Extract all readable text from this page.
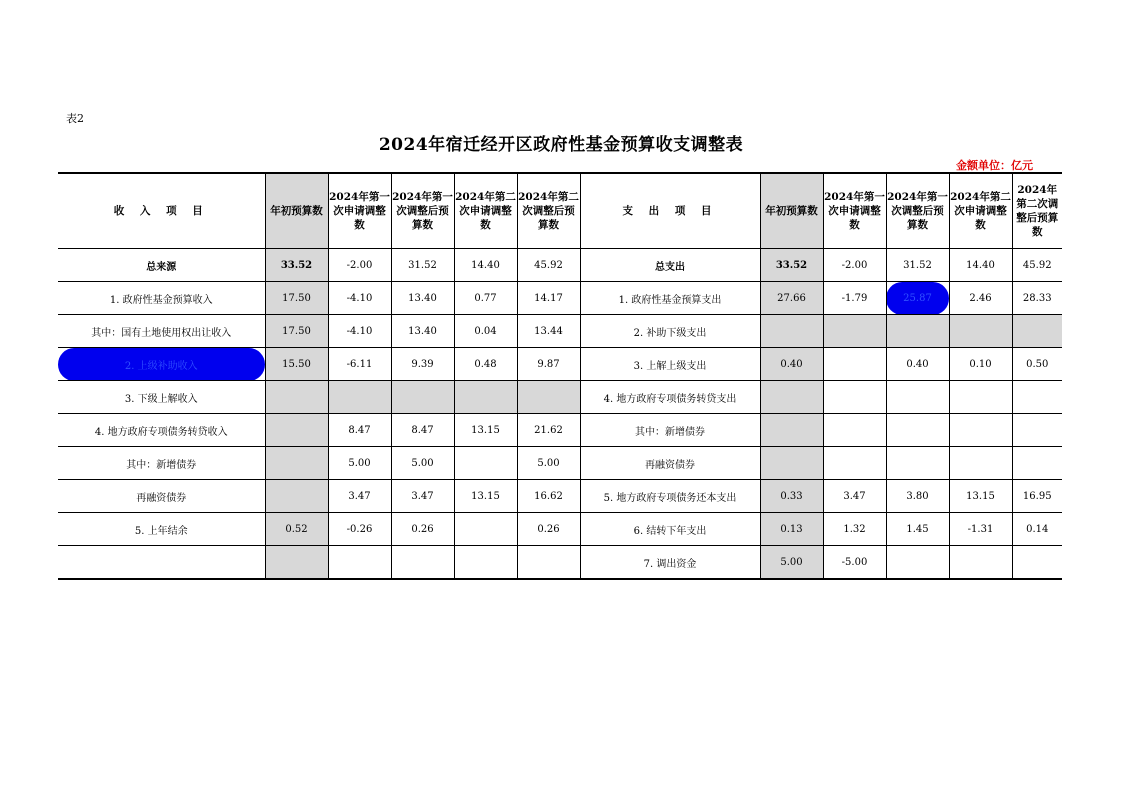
表2
2024年宿迁经开区政府性基金预算收支调整表
金额单位：亿元
收 入 项 目	年初预算数	2024年第一次申请调整数	2024年第一次调整后预算数	2024年第二次申请调整数	2024年第二次调整后预算数	支 出 项 目	年初预算数	2024年第一次申请调整数	2024年第一次调整后预算数	2024年第二次申请调整数	2024年第二次调整后预算数
总来源	33.52	-2.00	31.52	14.40	45.92	总支出	33.52	-2.00	31.52	14.40	45.92
1. 政府性基金预算收入	17.50	-4.10	13.40	0.77	14.17	1. 政府性基金预算支出	27.66	-1.79	25.87	2.46	28.33
其中：国有土地使用权出让收入	17.50	-4.10	13.40	0.04	13.44	2. 补助下级支出					
2. 上级补助收入	15.50	-6.11	9.39	0.48	9.87	3. 上解上级支出	0.40		0.40	0.10	0.50
3. 下级上解收入						4. 地方政府专项债务转贷支出					
4. 地方政府专项债务转贷收入		8.47	8.47	13.15	21.62	其中：新增债券					
其中：新增债券		5.00	5.00		5.00	再融资债券					
再融资债券		3.47	3.47	13.15	16.62	5. 地方政府专项债务还本支出	0.33	3.47	3.80	13.15	16.95
5. 上年结余	0.52	-0.26	0.26		0.26	6. 结转下年支出	0.13	1.32	1.45	-1.31	0.14
						7. 调出资金	5.00	-5.00			
